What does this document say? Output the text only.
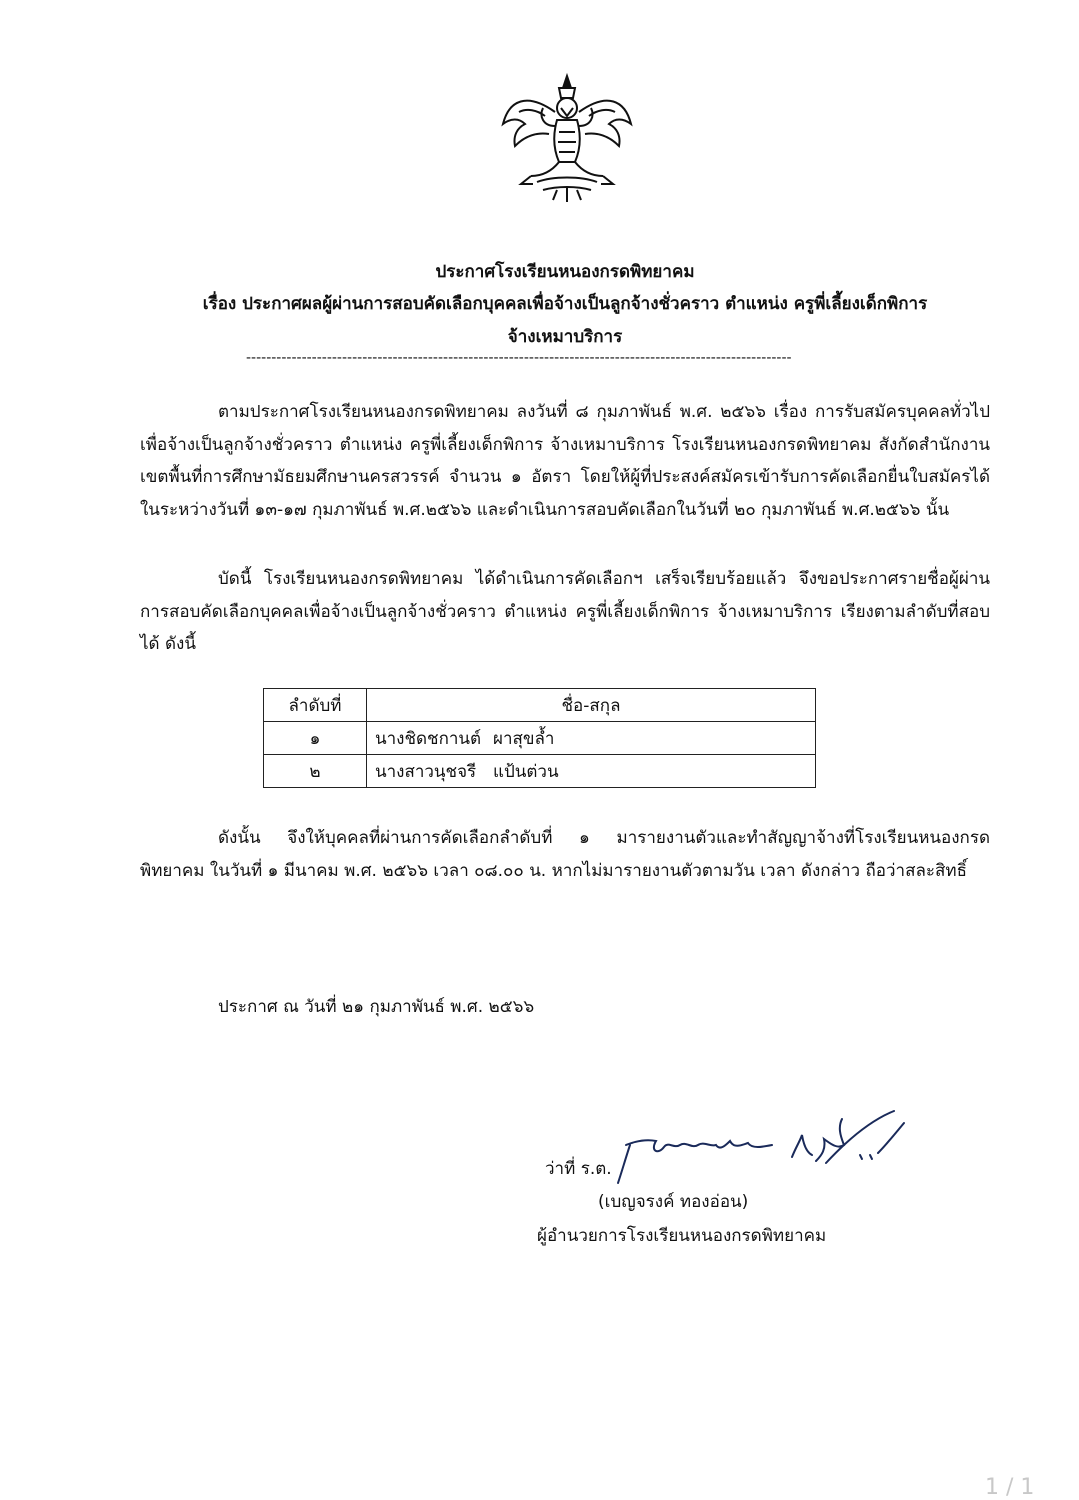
ประกาศโรงเรียนหนองกรดพิทยาคม
เรื่อง ประกาศผลผู้ผ่านการสอบคัดเลือกบุคคลเพื่อจ้างเป็นลูกจ้างชั่วคราว ตำแหน่ง ครูพี่เลี้ยงเด็กพิการ
จ้างเหมาบริการ
------------------------------------------------------------------------------------------------------------
ตามประกาศโรงเรียนหนองกรดพิทยาคม ลงวันที่ ๘ กุมภาพันธ์ พ.ศ. ๒๕๖๖ เรื่อง การรับสมัครบุคคลทั่วไป เพื่อจ้างเป็นลูกจ้างชั่วคราว ตำแหน่ง ครูพี่เลี้ยงเด็กพิการ จ้างเหมาบริการ โรงเรียนหนองกรดพิทยาคม สังกัดสำนักงานเขตพื้นที่การศึกษามัธยมศึกษานครสวรรค์ จำนวน ๑ อัตรา โดยให้ผู้ที่ประสงค์สมัครเข้ารับการคัดเลือกยื่นใบสมัครได้ในระหว่างวันที่ ๑๓-๑๗ กุมภาพันธ์ พ.ศ.๒๕๖๖ และดำเนินการสอบคัดเลือกในวันที่ ๒๐ กุมภาพันธ์ พ.ศ.๒๕๖๖ นั้น
บัดนี้ โรงเรียนหนองกรดพิทยาคม ได้ดำเนินการคัดเลือกฯ เสร็จเรียบร้อยแล้ว จึงขอประกาศรายชื่อผู้ผ่านการสอบคัดเลือกบุคคลเพื่อจ้างเป็นลูกจ้างชั่วคราว ตำแหน่ง ครูพี่เลี้ยงเด็กพิการ จ้างเหมาบริการ เรียงตามลำดับที่สอบได้ ดังนี้
ลำดับที่	ชื่อ-สกุล
๑	นางชิดชกานต์ ผาสุขล้ำ
๒	นางสาวนุชจรี แป้นต่วน
ดังนั้น จึงให้บุคคลที่ผ่านการคัดเลือกลำดับที่ ๑ มารายงานตัวและทำสัญญาจ้างที่โรงเรียนหนองกรดพิทยาคม ในวันที่ ๑ มีนาคม พ.ศ. ๒๕๖๖ เวลา ๐๘.๐๐ น. หากไม่มารายงานตัวตามวัน เวลา ดังกล่าว ถือว่าสละสิทธิ์
ประกาศ ณ วันที่ ๒๑ กุมภาพันธ์ พ.ศ. ๒๕๖๖
ว่าที่ ร.ต.
(เบญจรงค์ ทองอ่อน)
ผู้อำนวยการโรงเรียนหนองกรดพิทยาคม
1 / 1
